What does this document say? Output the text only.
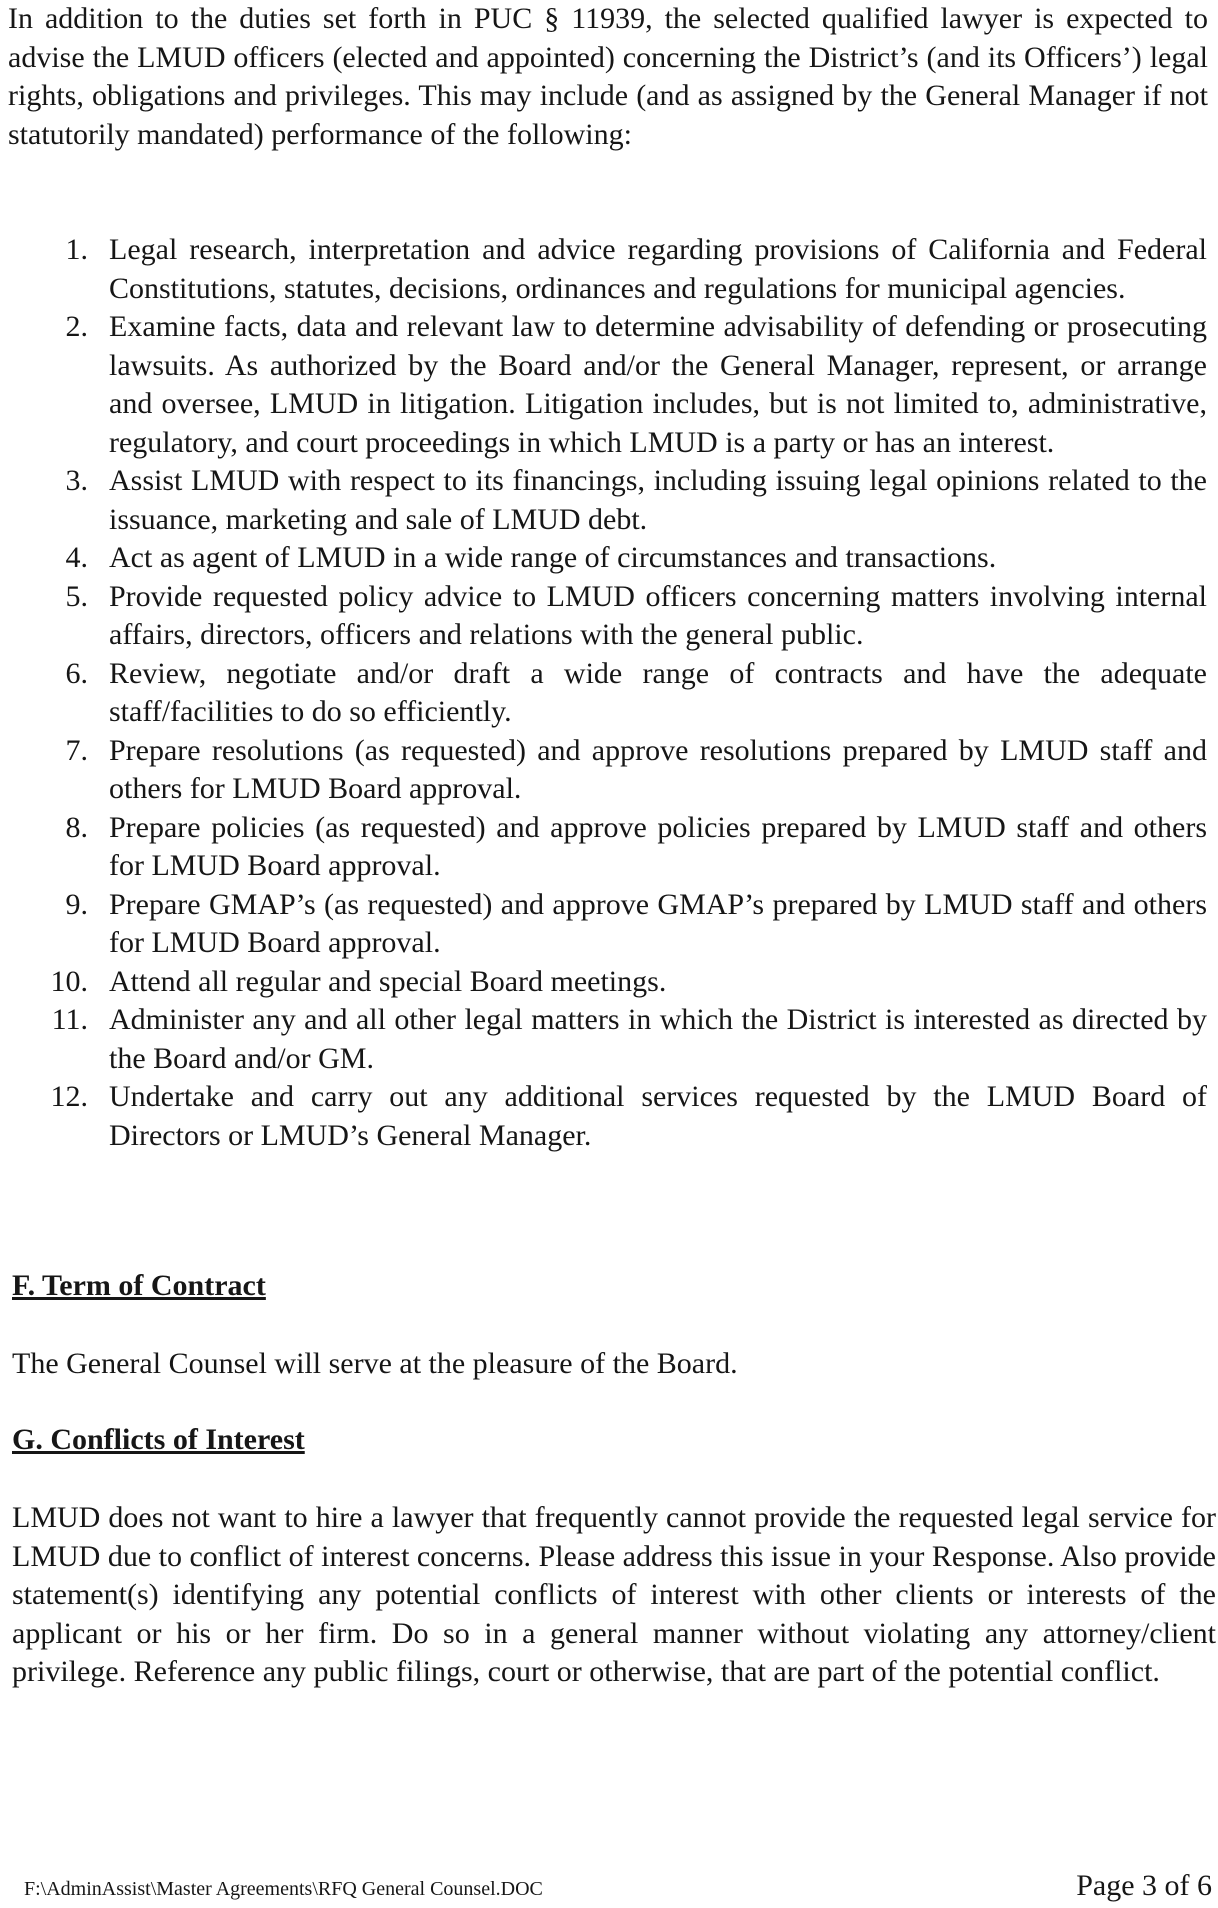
In addition to the duties set forth in PUC § 11939, the selected qualified lawyer is expected to advise the LMUD officers (elected and appointed) concerning the District’s (and its Officers’) legal rights, obligations and privileges. This may include (and as assigned by the General Manager if not statutorily mandated) performance of the following:

1. Legal research, interpretation and advice regarding provisions of California and Federal Constitutions, statutes, decisions, ordinances and regulations for municipal agencies.
2. Examine facts, data and relevant law to determine advisability of defending or prosecuting lawsuits. As authorized by the Board and/or the General Manager, represent, or arrange and oversee, LMUD in litigation. Litigation includes, but is not limited to, administrative, regulatory, and court proceedings in which LMUD is a party or has an interest.
3. Assist LMUD with respect to its financings, including issuing legal opinions related to the issuance, marketing and sale of LMUD debt.
4. Act as agent of LMUD in a wide range of circumstances and transactions.
5. Provide requested policy advice to LMUD officers concerning matters involving internal affairs, directors, officers and relations with the general public.
6. Review, negotiate and/or draft a wide range of contracts and have the adequate staff/facilities to do so efficiently.
7. Prepare resolutions (as requested) and approve resolutions prepared by LMUD staff and others for LMUD Board approval.
8. Prepare policies (as requested) and approve policies prepared by LMUD staff and others for LMUD Board approval.
9. Prepare GMAP’s (as requested) and approve GMAP’s prepared by LMUD staff and others for LMUD Board approval.
10. Attend all regular and special Board meetings.
11. Administer any and all other legal matters in which the District is interested as directed by the Board and/or GM.
12. Undertake and carry out any additional services requested by the LMUD Board of Directors or LMUD’s General Manager.
F. Term of Contract

The General Counsel will serve at the pleasure of the Board.

G. Conflicts of Interest

LMUD does not want to hire a lawyer that frequently cannot provide the requested legal service for LMUD due to conflict of interest concerns. Please address this issue in your Response. Also provide statement(s) identifying any potential conflicts of interest with other clients or interests of the applicant or his or her firm. Do so in a general manner without violating any attorney/client privilege. Reference any public filings, court or otherwise, that are part of the potential conflict.

F:\AdminAssist\Master Agreements\RFQ General Counsel.DOC	Page 3 of 6
